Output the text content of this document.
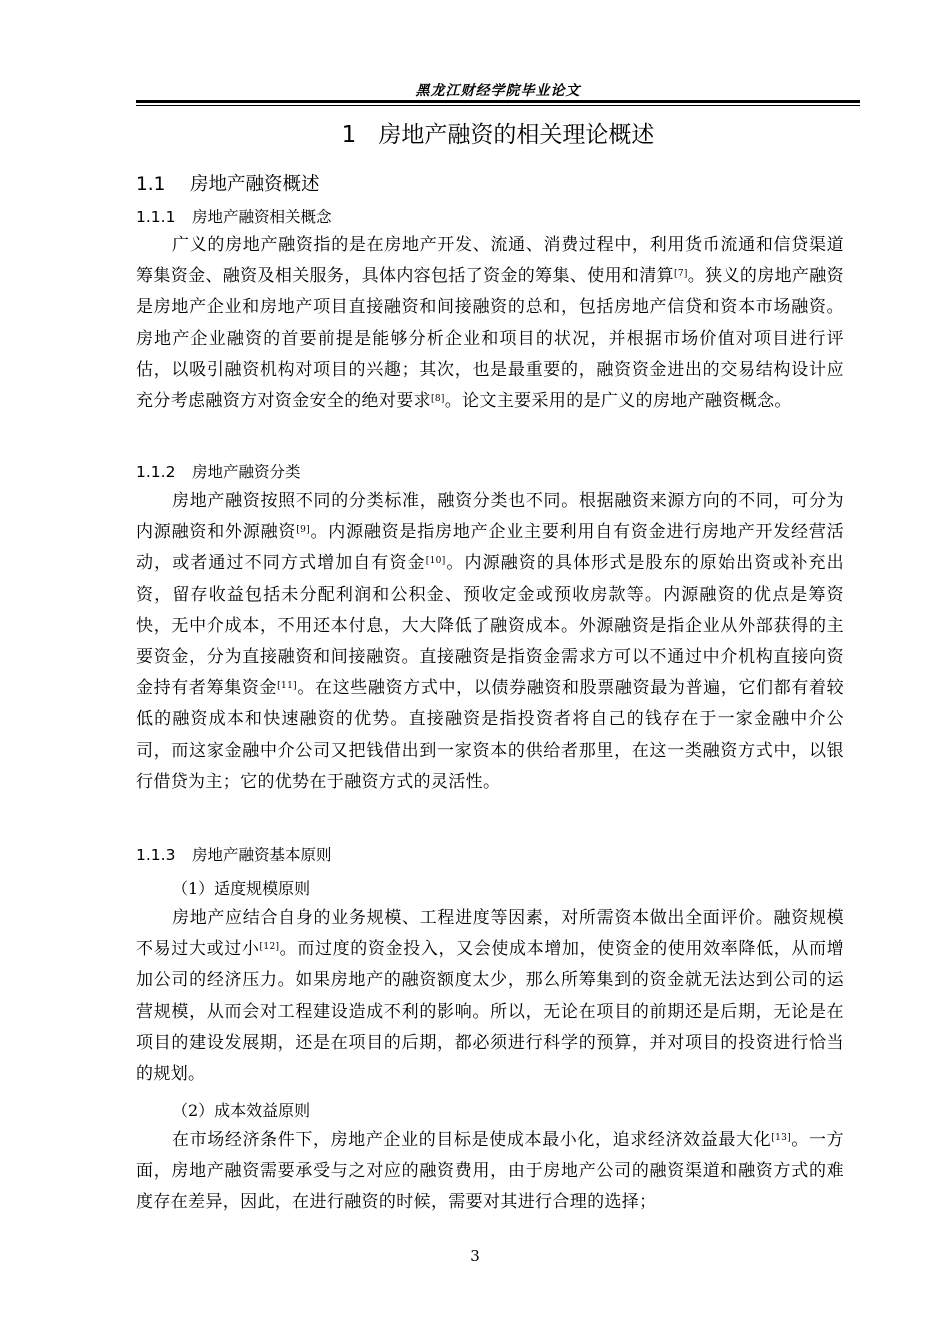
黑龙江财经学院毕业论文
1 房地产融资的相关理论概述
1.1 房地产融资概述
1.1.1 房地产融资相关概念

广义的房地产融资指的是在房地产开发、流通、消费过程中，利用货币流通和信贷渠道筹集资金、融资及相关服务，具体内容包括了资金的筹集、使用和清算[7]。狭义的房地产融资是房地产企业和房地产项目直接融资和间接融资的总和，包括房地产信贷和资本市场融资。房地产企业融资的首要前提是能够分析企业和项目的状况，并根据市场价值对项目进行评估，以吸引融资机构对项目的兴趣；其次，也是最重要的，融资资金进出的交易结构设计应充分考虑融资方对资金安全的绝对要求[8]。论文主要采用的是广义的房地产融资概念。

1.1.2 房地产融资分类

房地产融资按照不同的分类标准，融资分类也不同。根据融资来源方向的不同，可分为内源融资和外源融资[9]。内源融资是指房地产企业主要利用自有资金进行房地产开发经营活动，或者通过不同方式增加自有资金[10]。内源融资的具体形式是股东的原始出资或补充出资，留存收益包括未分配利润和公积金、预收定金或预收房款等。内源融资的优点是筹资快，无中介成本，不用还本付息，大大降低了融资成本。外源融资是指企业从外部获得的主要资金，分为直接融资和间接融资。直接融资是指资金需求方可以不通过中介机构直接向资金持有者筹集资金[11]。在这些融资方式中，以债券融资和股票融资最为普遍，它们都有着较低的融资成本和快速融资的优势。直接融资是指投资者将自己的钱存在于一家金融中介公司，而这家金融中介公司又把钱借出到一家资本的供给者那里，在这一类融资方式中，以银行借贷为主；它的优势在于融资方式的灵活性。

1.1.3 房地产融资基本原则
（1）适度规模原则

房地产应结合自身的业务规模、工程进度等因素，对所需资本做出全面评价。融资规模不易过大或过小[12]。而过度的资金投入，又会使成本增加，使资金的使用效率降低，从而增加公司的经济压力。如果房地产的融资额度太少，那么所筹集到的资金就无法达到公司的运营规模，从而会对工程建设造成不利的影响。所以，无论在项目的前期还是后期，无论是在项目的建设发展期，还是在项目的后期，都必须进行科学的预算，并对项目的投资进行恰当的规划。

（2）成本效益原则

在市场经济条件下，房地产企业的目标是使成本最小化，追求经济效益最大化[13]。一方面，房地产融资需要承受与之对应的融资费用，由于房地产公司的融资渠道和融资方式的难度存在差异，因此，在进行融资的时候，需要对其进行合理的选择；

3
